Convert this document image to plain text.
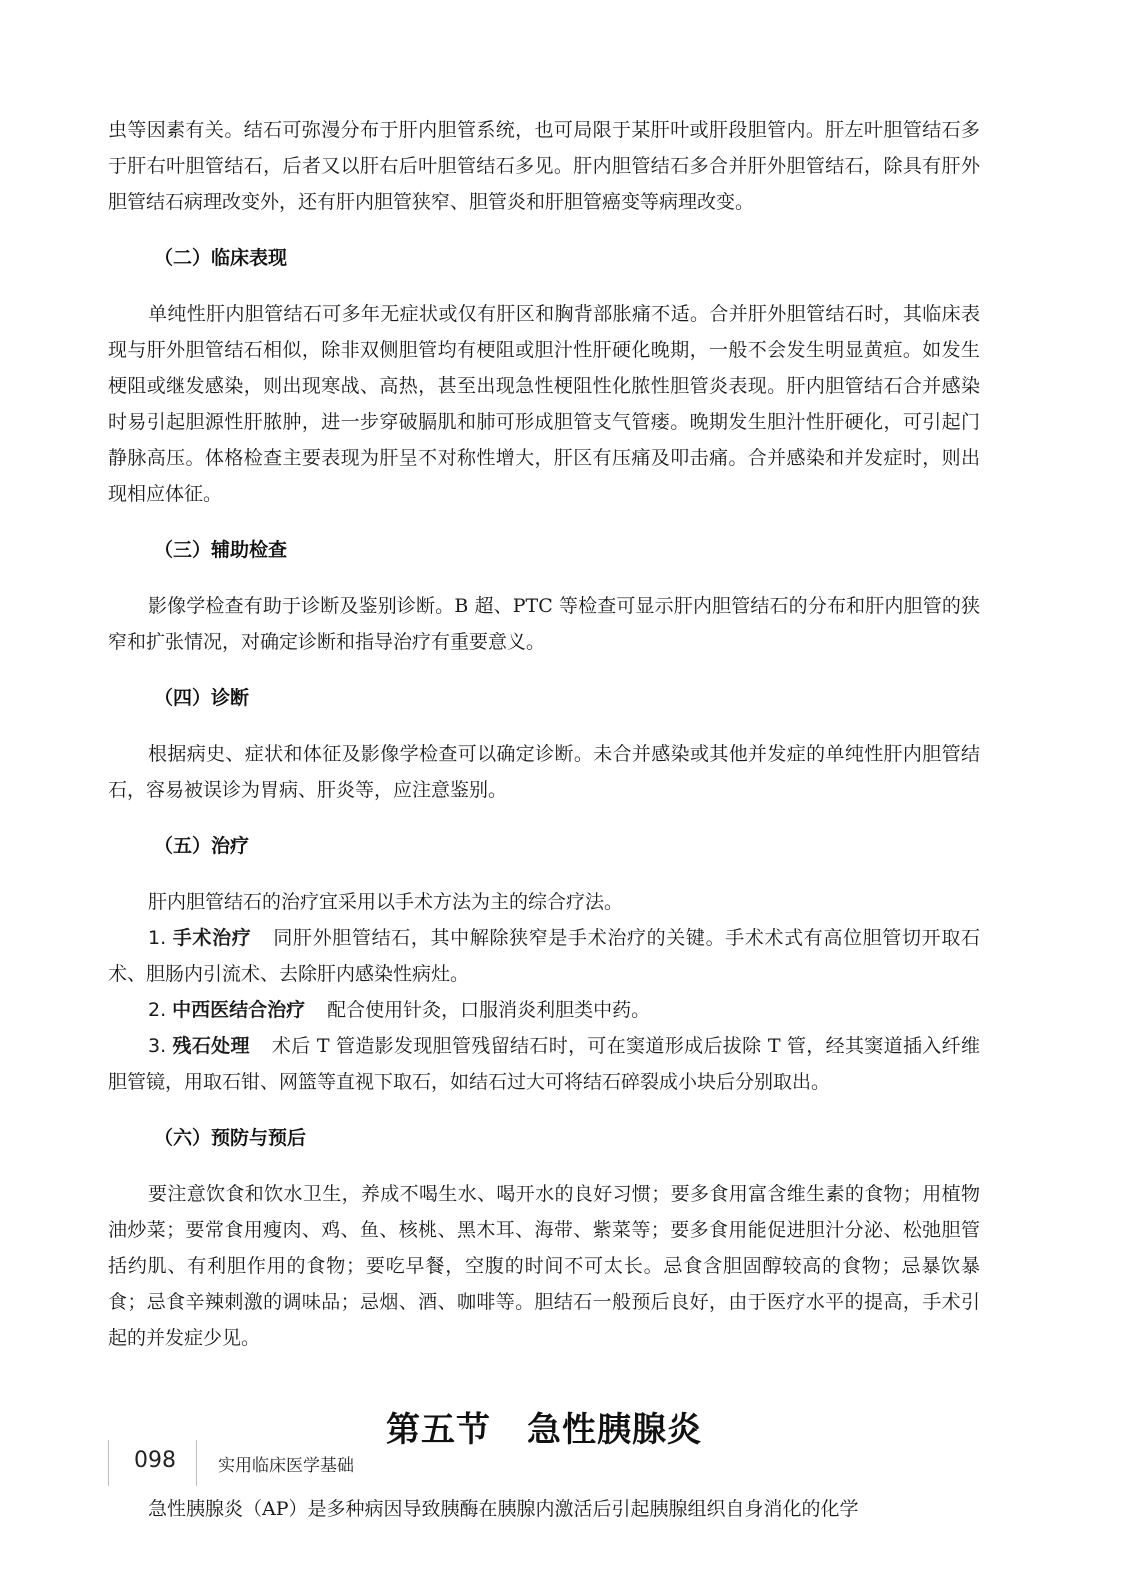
虫等因素有关。结石可弥漫分布于肝内胆管系统，也可局限于某肝叶或肝段胆管内。肝左叶胆管结石多于肝右叶胆管结石，后者又以肝右后叶胆管结石多见。肝内胆管结石多合并肝外胆管结石，除具有肝外胆管结石病理改变外，还有肝内胆管狭窄、胆管炎和肝胆管癌变等病理改变。

（二）临床表现

单纯性肝内胆管结石可多年无症状或仅有肝区和胸背部胀痛不适。合并肝外胆管结石时，其临床表现与肝外胆管结石相似，除非双侧胆管均有梗阻或胆汁性肝硬化晚期，一般不会发生明显黄疸。如发生梗阻或继发感染，则出现寒战、高热，甚至出现急性梗阻性化脓性胆管炎表现。肝内胆管结石合并感染时易引起胆源性肝脓肿，进一步穿破膈肌和肺可形成胆管支气管瘘。晚期发生胆汁性肝硬化，可引起门静脉高压。体格检查主要表现为肝呈不对称性增大，肝区有压痛及叩击痛。合并感染和并发症时，则出现相应体征。

（三）辅助检查

影像学检查有助于诊断及鉴别诊断。B 超、PTC 等检查可显示肝内胆管结石的分布和肝内胆管的狭窄和扩张情况，对确定诊断和指导治疗有重要意义。

（四）诊断

根据病史、症状和体征及影像学检查可以确定诊断。未合并感染或其他并发症的单纯性肝内胆管结石，容易被误诊为胃病、肝炎等，应注意鉴别。

（五）治疗

肝内胆管结石的治疗宜采用以手术方法为主的综合疗法。

1. 手术治疗 同肝外胆管结石，其中解除狭窄是手术治疗的关键。手术术式有高位胆管切开取石术、胆肠内引流术、去除肝内感染性病灶。

2. 中西医结合治疗 配合使用针灸，口服消炎利胆类中药。

3. 残石处理 术后 T 管造影发现胆管残留结石时，可在窦道形成后拔除 T 管，经其窦道插入纤维胆管镜，用取石钳、网篮等直视下取石，如结石过大可将结石碎裂成小块后分别取出。

（六）预防与预后

要注意饮食和饮水卫生，养成不喝生水、喝开水的良好习惯；要多食用富含维生素的食物；用植物油炒菜；要常食用瘦肉、鸡、鱼、核桃、黑木耳、海带、紫菜等；要多食用能促进胆汁分泌、松弛胆管括约肌、有利胆作用的食物；要吃早餐，空腹的时间不可太长。忌食含胆固醇较高的食物；忌暴饮暴食；忌食辛辣刺激的调味品；忌烟、酒、咖啡等。胆结石一般预后良好，由于医疗水平的提高，手术引起的并发症少见。

第五节 急性胰腺炎

急性胰腺炎（AP）是多种病因导致胰酶在胰腺内激活后引起胰腺组织自身消化的化学

098 实用临床医学基础
